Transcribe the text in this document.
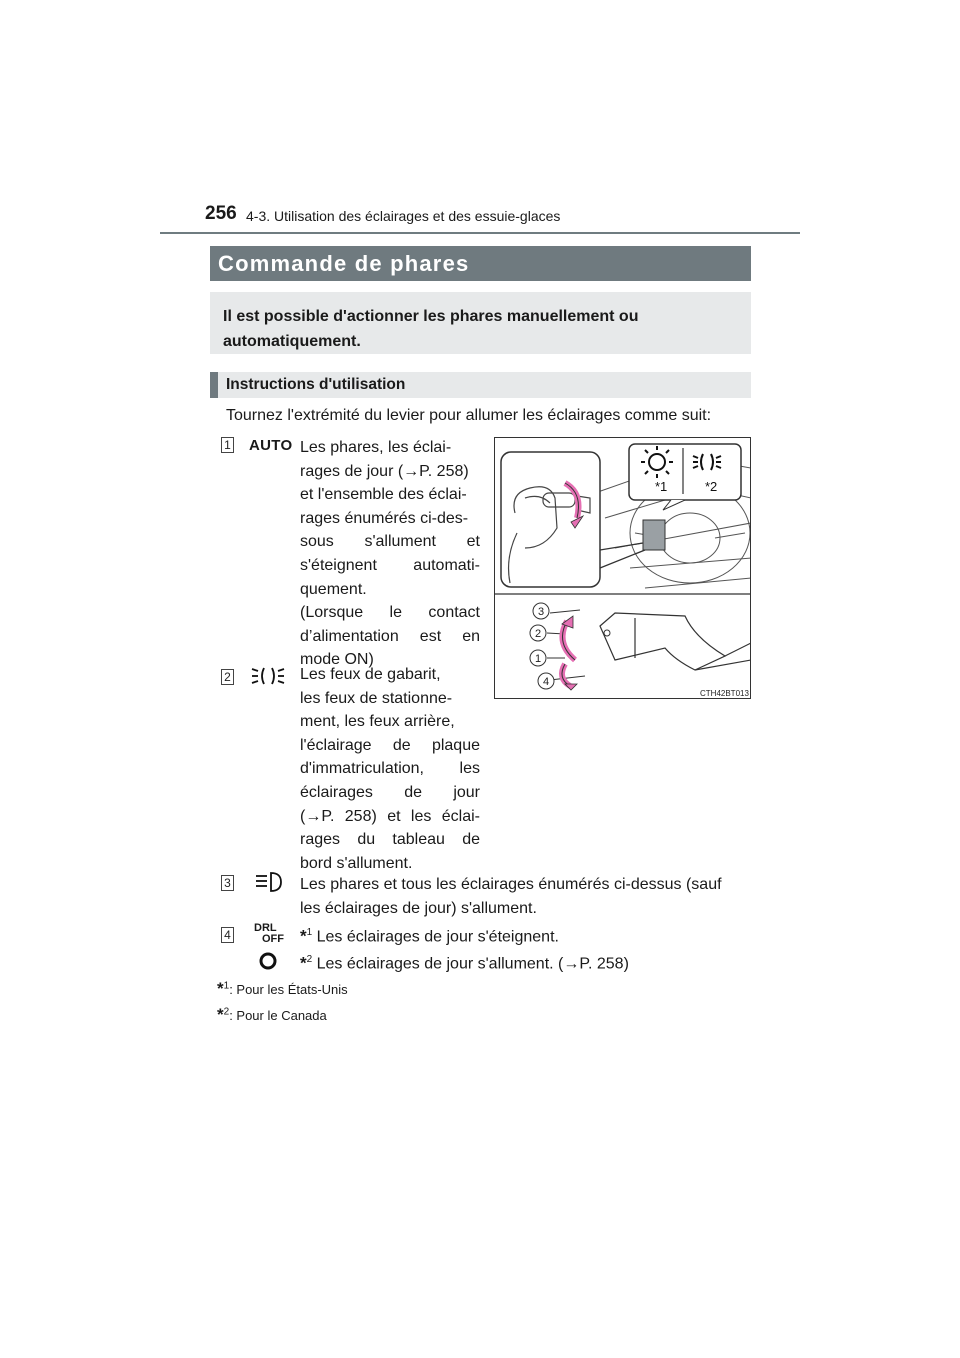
256 4-3. Utilisation des éclairages et des essuie-glaces
Commande de phares

Il est possible d'actionner les phares manuellement ou automatiquement.

Instructions d'utilisation
Tournez l'extrémité du levier pour allumer les éclairages comme suit:
1 AUTO Les phares, les éclai-
rages de jour (→P. 258)
et l'ensemble des éclai-
rages énumérés ci-des-
sous s'allument et
s'éteignent automati-
quement.
(Lorsque le contact
d’alimentation est en
mode ON)
2	Les feux de gabarit,
les feux de stationne-
ment, les feux arrière,
l'éclairage de plaque
d'immatriculation, les
éclairages de jour
(→P. 258) et les éclai-
rages du tableau de
bord s'allument.
3	Les phares et tous les éclairages énumérés ci-dessus (sauf
les éclairages de jour) s'allument.
4 DRL
OFF *$^1$ Les éclairages de jour s'éteignent.
*$^2$ Les éclairages de jour s'allument. (→P. 258)
*$^1$: Pour les États-Unis
*$^2$: Pour le Canada
*1	*2
3
2
1
4
CTH42BT013
